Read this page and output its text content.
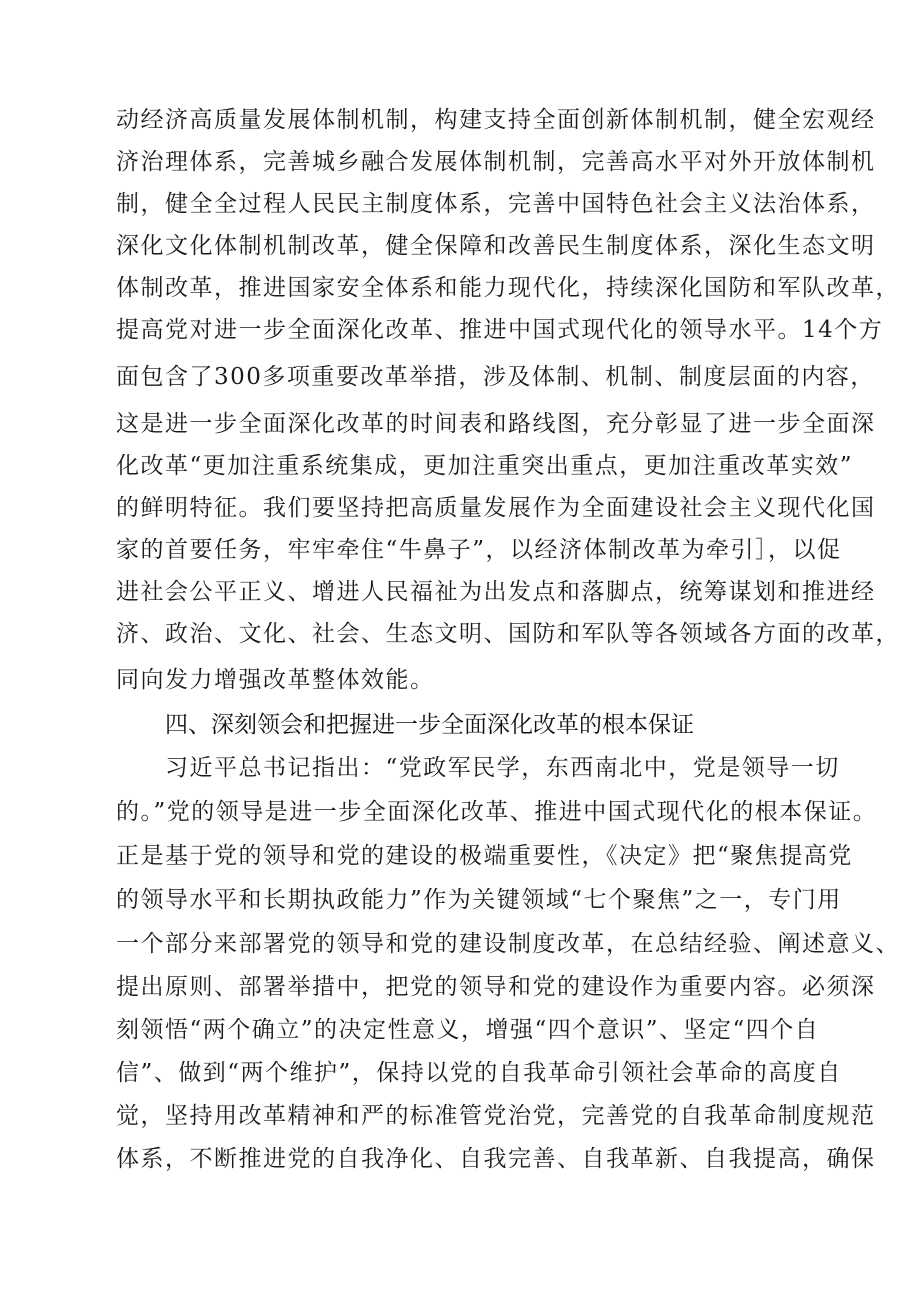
动经济高质量发展体制机制，构建支持全面创新体制机制，健全宏观经
济治理体系，完善城乡融合发展体制机制，完善高水平对外开放体制机
制，健全全过程人民民主制度体系，完善中国特色社会主义法治体系，
深化文化体制机制改革，健全保障和改善民生制度体系，深化生态文明
体制改革，推进国家安全体系和能力现代化，持续深化国防和军队改革，
提高党对进一步全面深化改革、推进中国式现代化的领导水平。14个方
面包含了300多项重要改革举措，涉及体制、机制、制度层面的内容，
这是进一步全面深化改革的时间表和路线图，充分彰显了进一步全面深
化改革“更加注重系统集成，更加注重突出重点，更加注重改革实效”
的鲜明特征。我们要坚持把高质量发展作为全面建设社会主义现代化国
家的首要任务，牢牢牵住“牛鼻子”，以经济体制改革为牵引］，以促
进社会公平正义、增进人民福祉为出发点和落脚点，统筹谋划和推进经
济、政治、文化、社会、生态文明、国防和军队等各领域各方面的改革，
同向发力增强改革整体效能。
四、深刻领会和把握进一步全面深化改革的根本保证
习近平总书记指出：“党政军民学，东西南北中，党是领导一切
的。”党的领导是进一步全面深化改革、推进中国式现代化的根本保证。
正是基于党的领导和党的建设的极端重要性，《决定》把“聚焦提高党
的领导水平和长期执政能力”作为关键领域“七个聚焦”之一，专门用
一个部分来部署党的领导和党的建设制度改革，在总结经验、阐述意义、
提出原则、部署举措中，把党的领导和党的建设作为重要内容。必须深
刻领悟“两个确立”的决定性意义，增强“四个意识”、坚定“四个自
信”、做到“两个维护”，保持以党的自我革命引领社会革命的高度自
觉，坚持用改革精神和严的标准管党治党，完善党的自我革命制度规范
体系，不断推进党的自我净化、自我完善、自我革新、自我提高，确保
